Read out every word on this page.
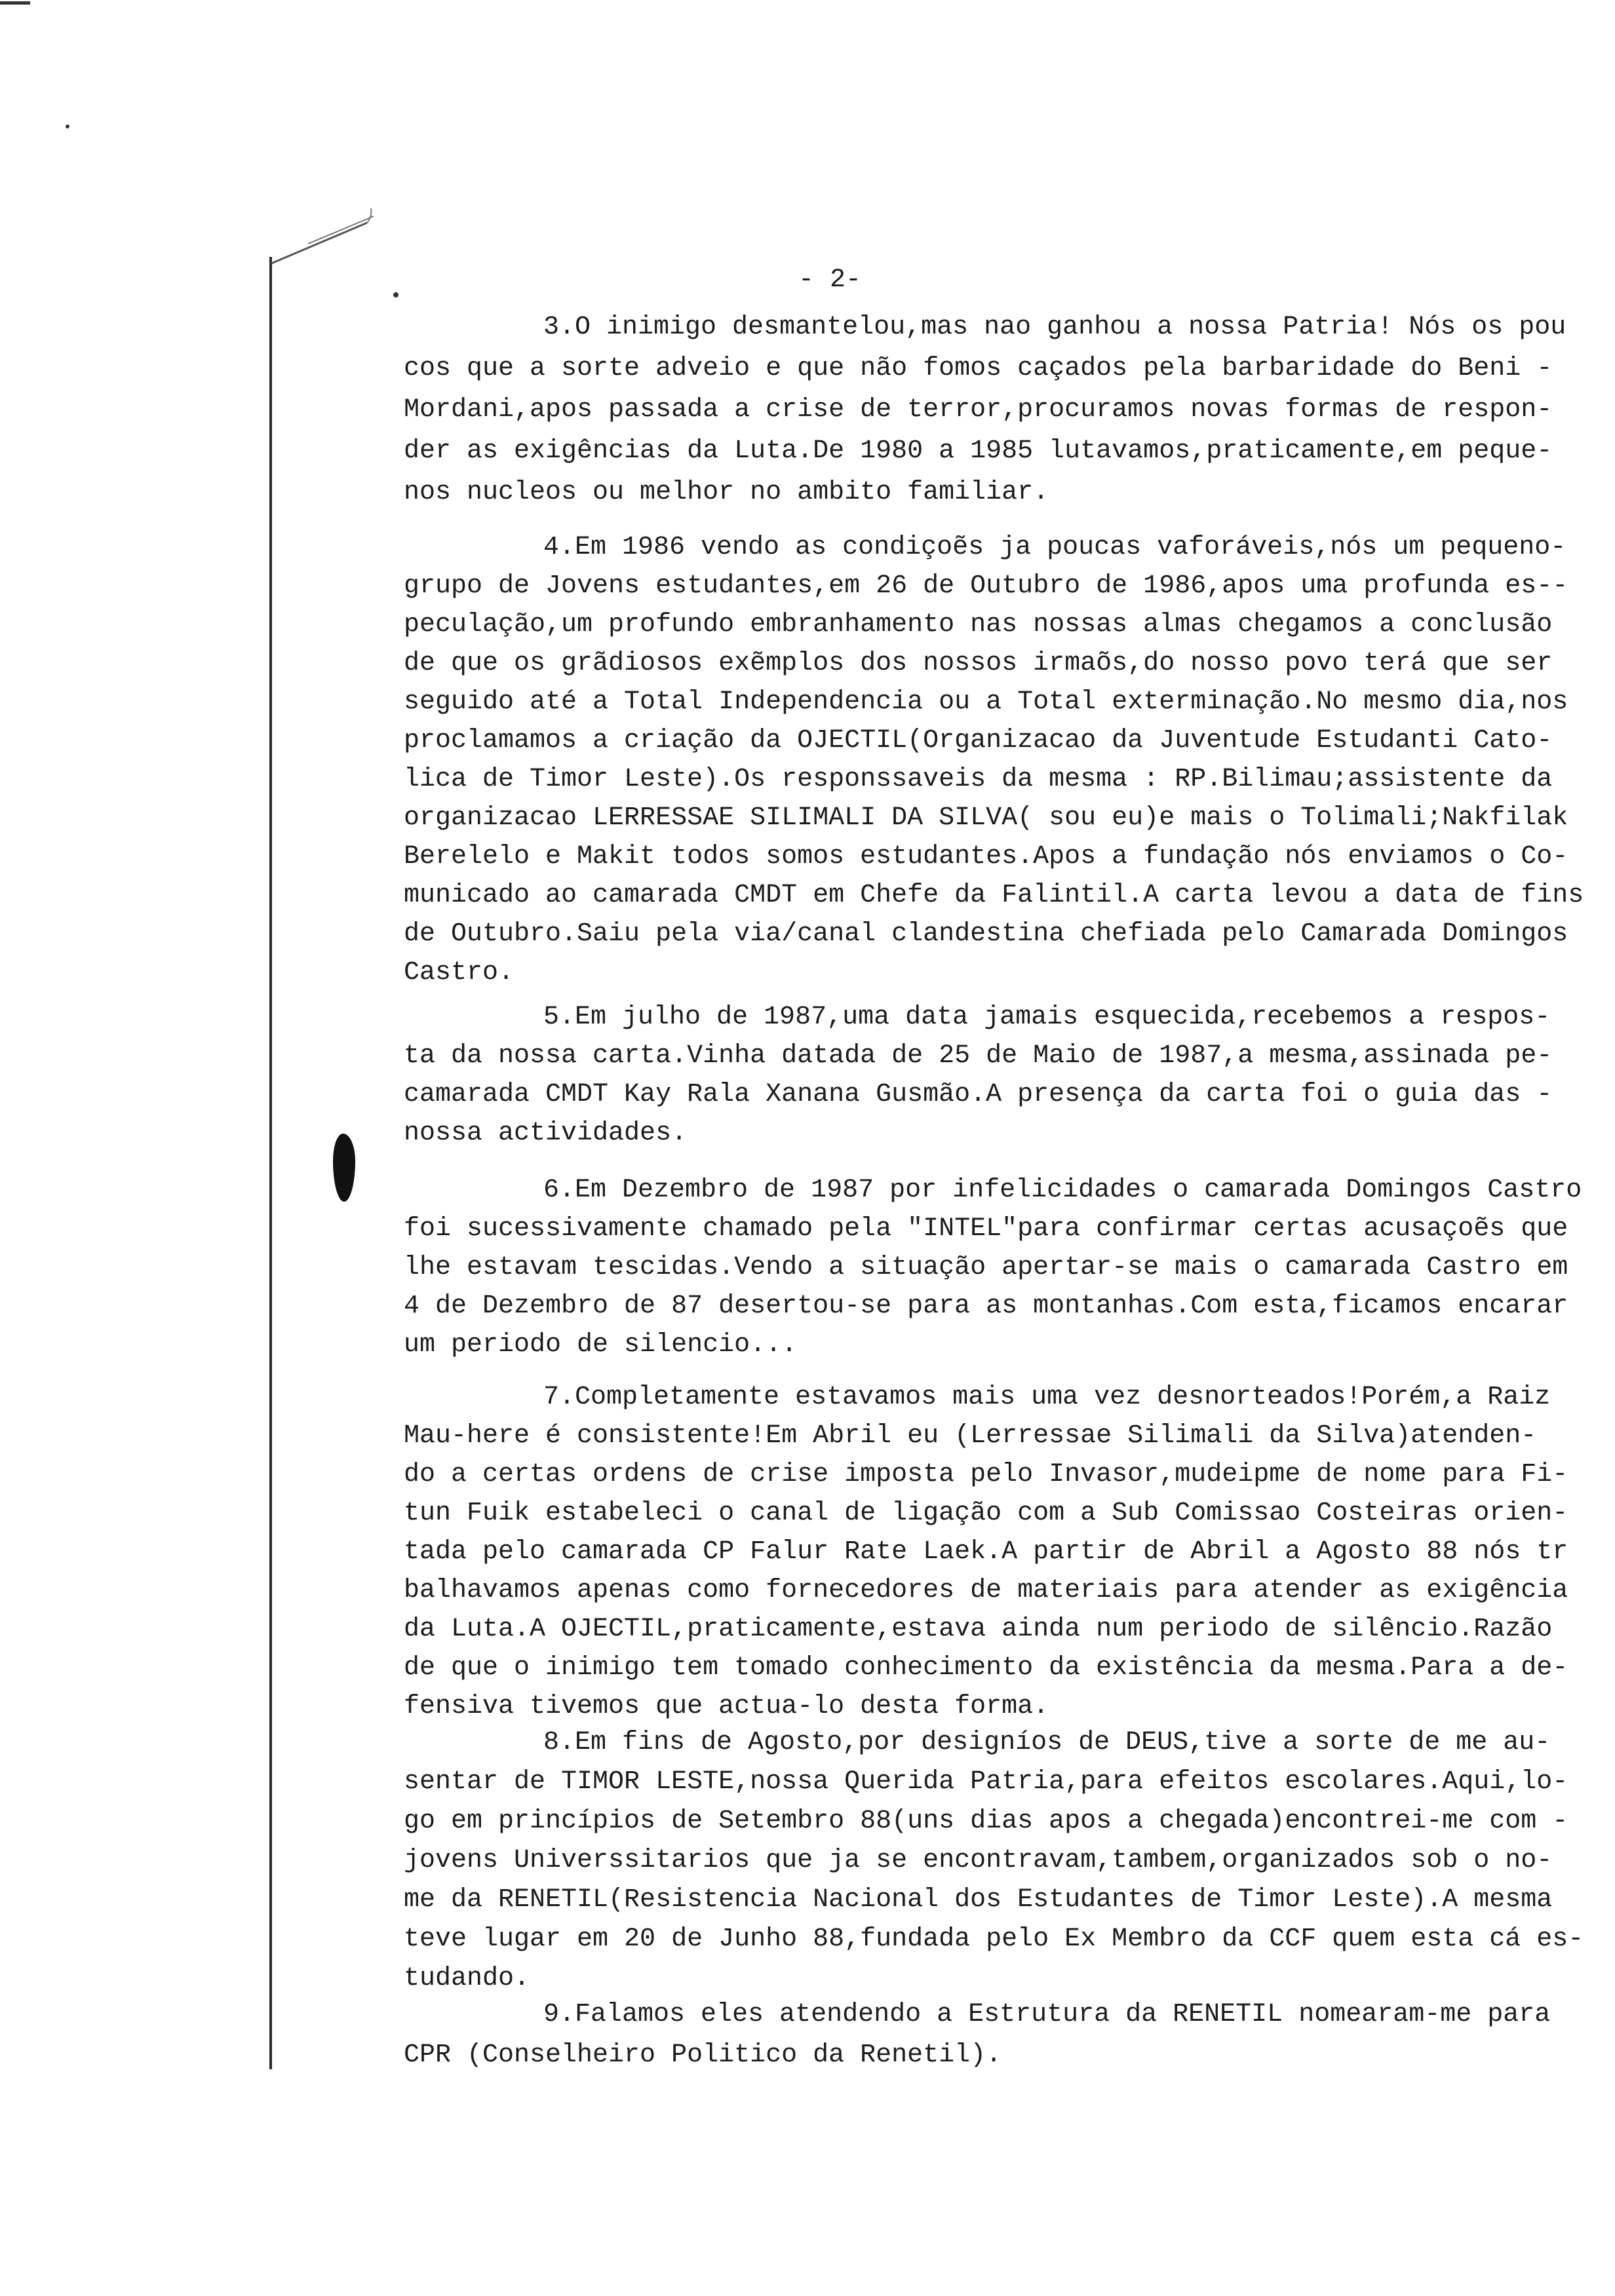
- 2-
3.O inimigo desmantelou,mas nao ganhou a nossa Patria! Nós os pou
cos que a sorte adveio e que não fomos caçados pela barbaridade do Beni -
Mordani,apos passada a crise de terror,procuramos novas formas de respon-
der as exigências da Luta.De 1980 a 1985 lutavamos,praticamente,em peque-
nos nucleos ou melhor no ambito familiar.
4.Em 1986 vendo as condiçoẽs ja poucas vaforáveis,nós um pequeno-
grupo de Jovens estudantes,em 26 de Outubro de 1986,apos uma profunda es--
peculação,um profundo embranhamento nas nossas almas chegamos a conclusão
de que os grãdiosos exẽmplos dos nossos irmaõs,do nosso povo terá que ser
seguido até a Total Independencia ou a Total exterminação.No mesmo dia,nos
proclamamos a criação da OJECTIL(Organizacao da Juventude Estudanti Cato-
lica de Timor Leste).Os responssaveis da mesma : RP.Bilimau;assistente da
organizacao LERRESSAE SILIMALI DA SILVA( sou eu)e mais o Tolimali;Nakfilak
Berelelo e Makit todos somos estudantes.Apos a fundação nós enviamos o Co-
municado ao camarada CMDT em Chefe da Falintil.A carta levou a data de fins
de Outubro.Saiu pela via/canal clandestina chefiada pelo Camarada Domingos
Castro.
5.Em julho de 1987,uma data jamais esquecida,recebemos a respos-
ta da nossa carta.Vinha datada de 25 de Maio de 1987,a mesma,assinada pe-
camarada CMDT Kay Rala Xanana Gusmão.A presença da carta foi o guia das -
nossa actividades.
6.Em Dezembro de 1987 por infelicidades o camarada Domingos Castro
foi sucessivamente chamado pela "INTEL"para confirmar certas acusaçoẽs que
lhe estavam tescidas.Vendo a situação apertar-se mais o camarada Castro em
4 de Dezembro de 87 desertou-se para as montanhas.Com esta,ficamos encarar
um periodo de silencio...
7.Completamente estavamos mais uma vez desnorteados!Porém,a Raiz
Mau-here é consistente!Em Abril eu (Lerressae Silimali da Silva)atenden-
do a certas ordens de crise imposta pelo Invasor,mudeipme de nome para Fi-
tun Fuik estabeleci o canal de ligação com a Sub Comissao Costeiras orien-
tada pelo camarada CP Falur Rate Laek.A partir de Abril a Agosto 88 nós tr
balhavamos apenas como fornecedores de materiais para atender as exigência
da Luta.A OJECTIL,praticamente,estava ainda num periodo de silêncio.Razão
de que o inimigo tem tomado conhecimento da existência da mesma.Para a de-
fensiva tivemos que actua-lo desta forma.
8.Em fins de Agosto,por designíos de DEUS,tive a sorte de me au-
sentar de TIMOR LESTE,nossa Querida Patria,para efeitos escolares.Aqui,lo-
go em princípios de Setembro 88(uns dias apos a chegada)encontrei-me com -
jovens Universsitarios que ja se encontravam,tambem,organizados sob o no-
me da RENETIL(Resistencia Nacional dos Estudantes de Timor Leste).A mesma
teve lugar em 20 de Junho 88,fundada pelo Ex Membro da CCF quem esta cá es-
tudando.
9.Falamos eles atendendo a Estrutura da RENETIL nomearam-me para
CPR (Conselheiro Politico da Renetil).
